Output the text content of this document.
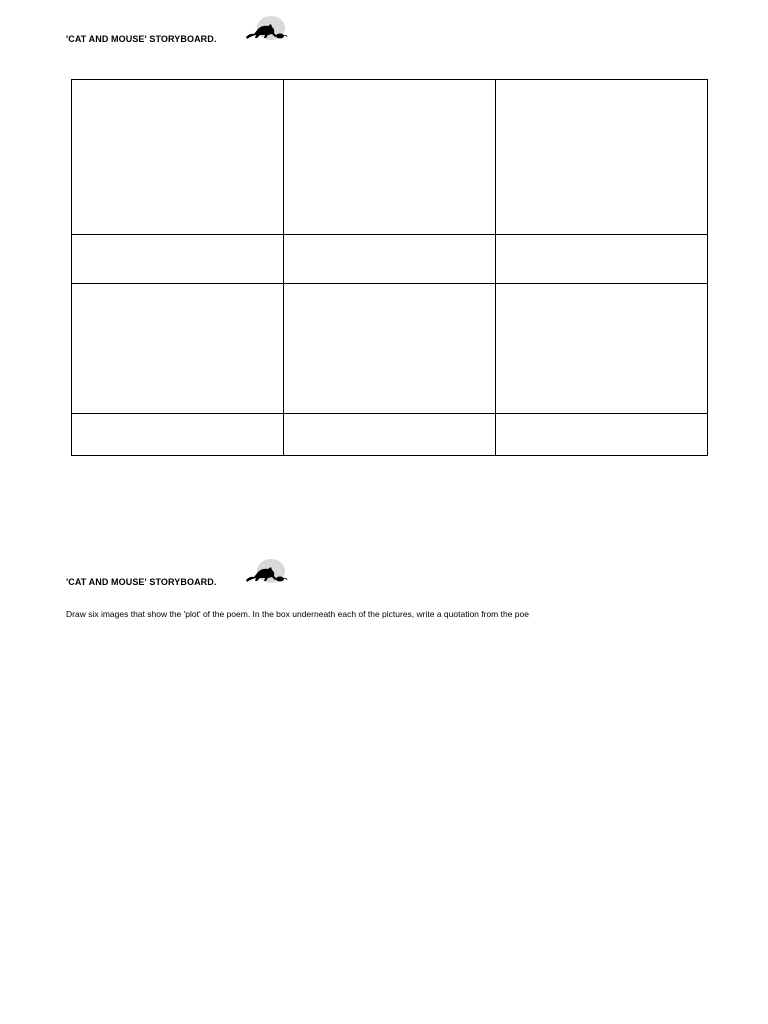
'CAT AND MOUSE' STORYBOARD.

'CAT AND MOUSE' STORYBOARD.
Draw six images that show the 'plot' of the poem. In the box underneath each of the pictures, write a quotation from the poe
